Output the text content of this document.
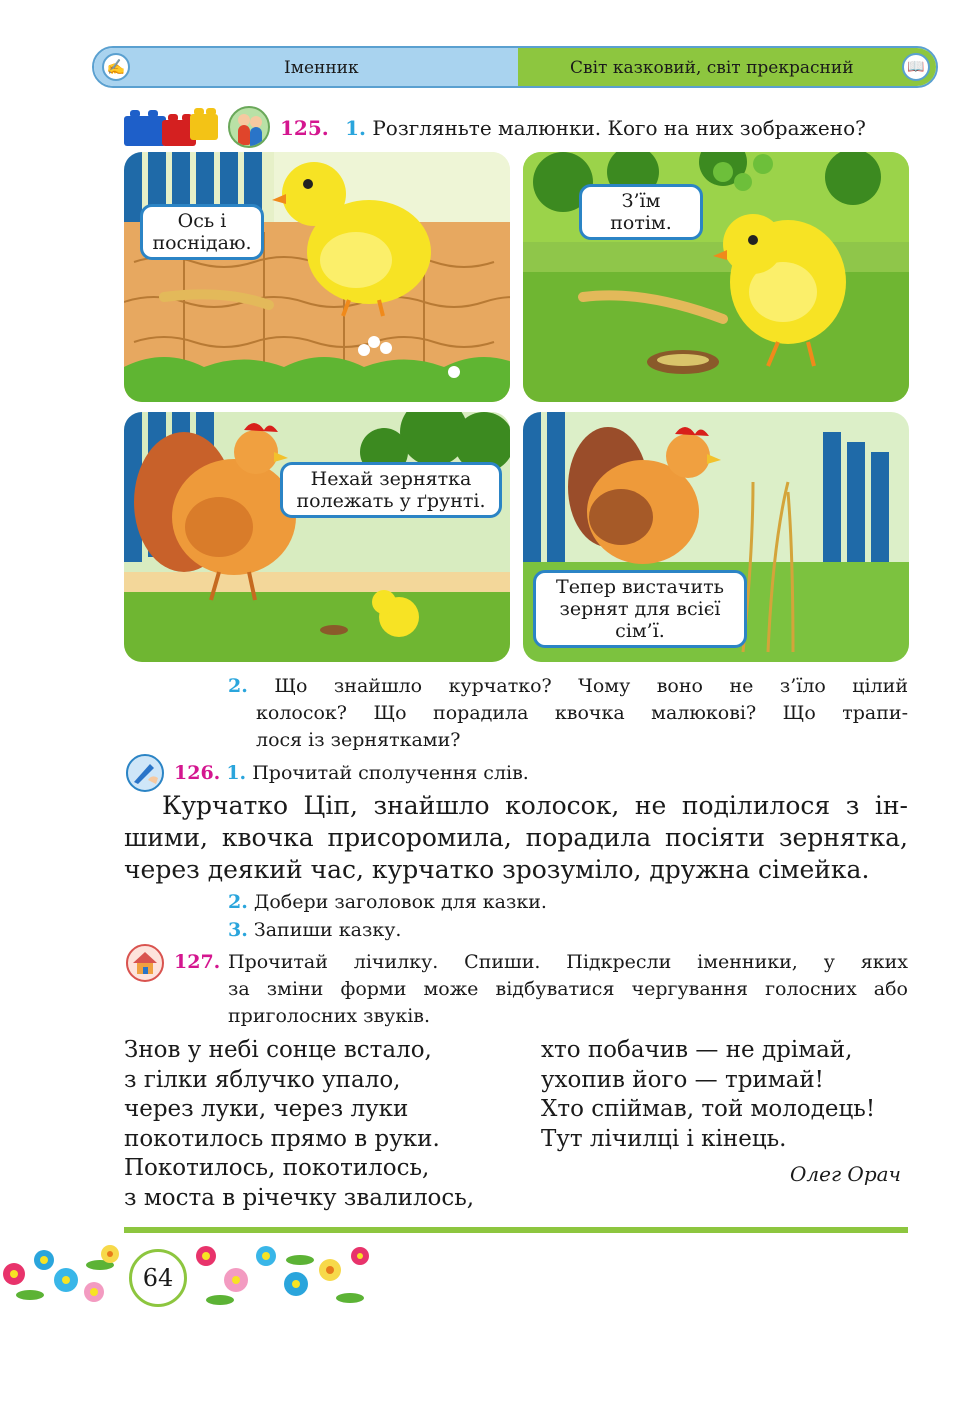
✍	Іменник	Світ казковий, світ прекрасний	📖
125. 1. Розгляньте малюнки. Кого на них зображено?
Ось і поснідаю.
З’їм потім.
Нехай зернятка полежать у ґрунті.
Тепер вистачить зернят для всієї сім’ї.
2. Що знайшло курчатко? Чому воно не з’їло цілий
колосок? Що порадила квочка малюкові? Що трапи-
лося із зернятками?
126. 1. Прочитай сполучення слів.
Курчатко Ціп, знайшло колосок, не поділилося з ін-
шими, квочка присоромила, порадила посіяти зернятка,
через деякий час, курчатко зрозуміло, дружна сімейка.
2. Добери заголовок для казки.
3. Запиши казку.
127. Прочитай лічилку. Спиши. Підкресли іменники, у яких
за зміни форми може відбуватися чергування голосних або
приголосних звуків.
Знов у небі сонце встало,
з гілки яблучко упало,
через луки, через луки
покотилось прямо в руки.
Покотилось, покотилось,
з моста в річечку звалилось,
хто побачив — не дрімай,
ухопив його — тримай!
Хто спіймав, той молодець!
Тут лічилці і кінець.
Олег Орач
64
